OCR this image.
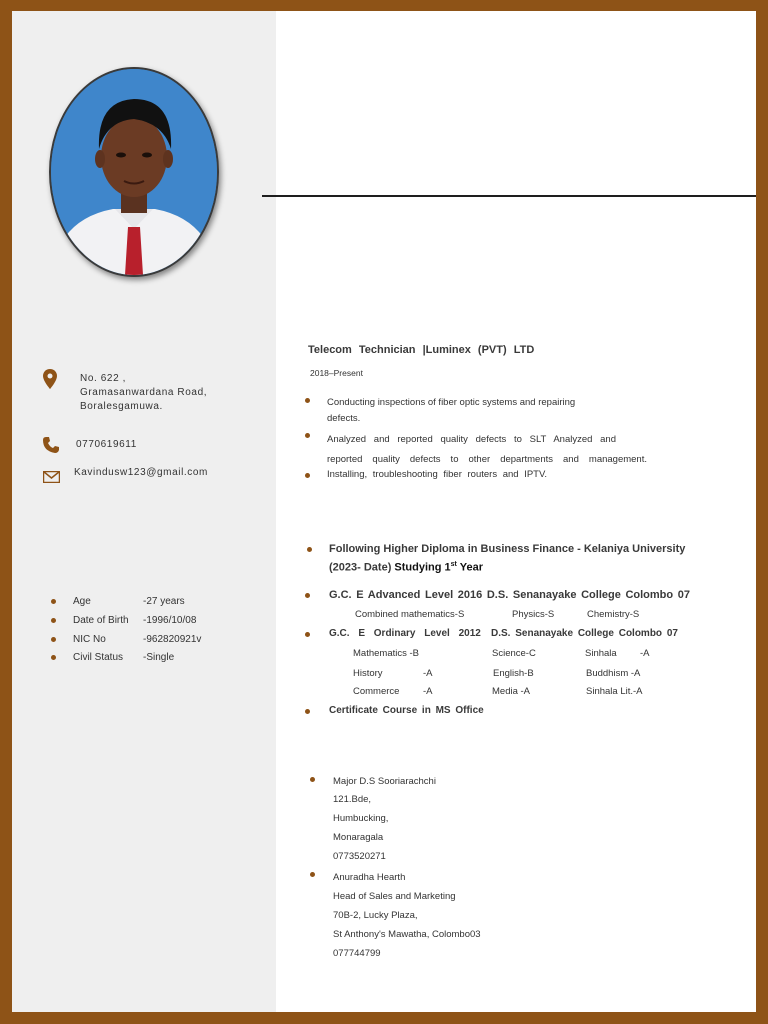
No. 622 ,
Gramasanwardana Road,
Boralesgamuwa.
0770619611
Kavindusw123@gmail.com
Age	-27 years
Date of Birth -1996/10/08
NIC No	-962820921v
Civil Status -Single
Telecom Technician |Luminex (PVT) LTD
2018–Present
Conducting inspections of fiber optic systems and repairing
defects.
Analyzed and reported quality defects to SLT Analyzed and
reported quality defects to other departments and management.
Installing, troubleshooting fiber routers and IPTV.
Following Higher Diploma in Business Finance - Kelaniya University
(2023- Date) Studying 1st Year
G.C. E Advanced Level 2016 D.S. Senanayake College Colombo 07
Combined mathematics-S	Physics-S	Chemistry-S
G.C. E Ordinary Level 2012 D.S. Senanayake College Colombo 07
Mathematics -B	Science-C	Sinhala -A
History	-A	English-B	Buddhism -A
Commerce -A	Media -A	Sinhala Lit.-A
Certificate Course in MS Office
Major D.S Sooriarachchi
121.Bde,
Humbucking,
Monaragala
0773520271
Anuradha Hearth
Head of Sales and Marketing
70B-2, Lucky Plaza,
St Anthony's Mawatha, Colombo03
077744799
